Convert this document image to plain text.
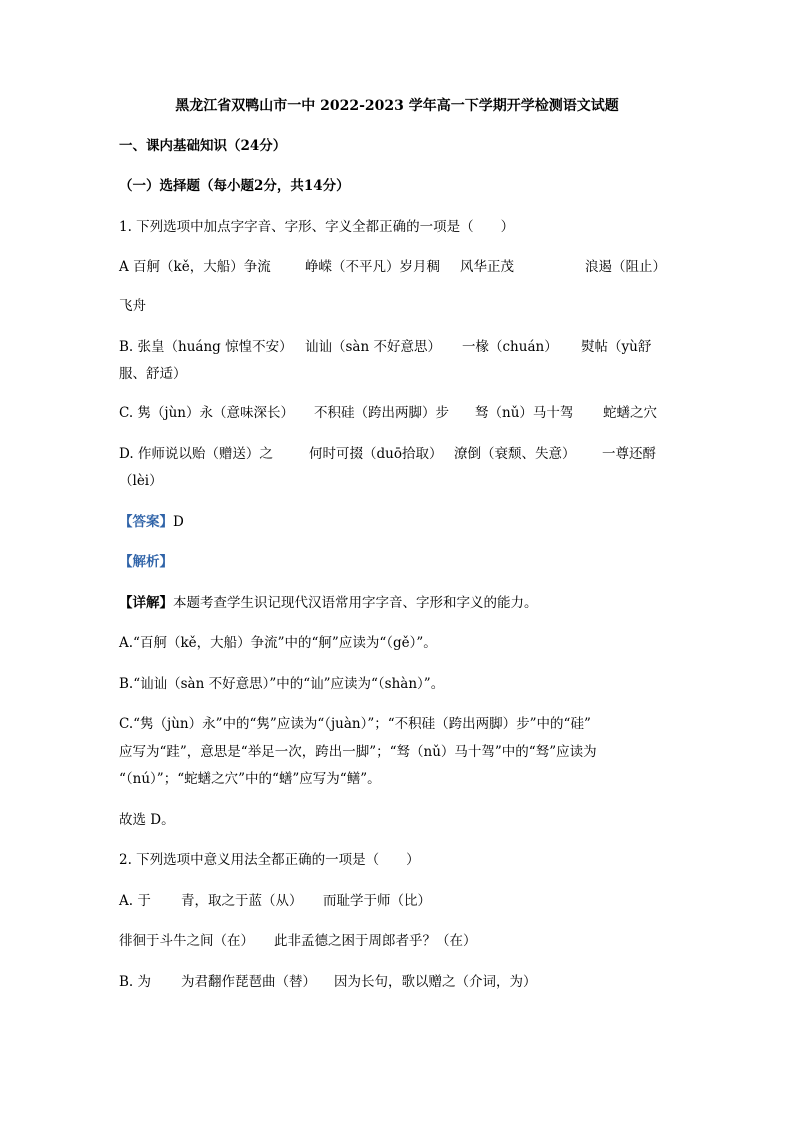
黑龙江省双鸭山市一中 2022-2023 学年高一下学期开学检测语文试题
一、课内基础知识（24分）
（一）选择题（每小题2分，共14分）
1. 下列选项中加点字字音、字形、字义全都正确的一项是（　　）
A 百舸（kě，大船）争流	峥嵘（不平凡）岁月稠 风华正茂	浪遏（阻止）
飞舟
B. 张皇（huáng 惊惶不安） 讪讪（sàn 不好意思） 一椽（chuán） 熨帖（yù舒
服、舒适）
C. 隽（jùn）永（意味深长） 不积硅（跨出两脚）步 驽（nǔ）马十驾 蛇蟮之穴
D. 作师说以贻（赠送）之	何时可掇（duō拾取） 潦倒（衰颓、失意） 一尊还酹
（lèi）
【答案】D
【解析】
【详解】本题考查学生识记现代汉语常用字字音、字形和字义的能力。
A.“百舸（kě，大船）争流”中的“舸”应读为“（gě）”。
B.“讪讪（sàn 不好意思）”中的“讪”应读为“（shàn）”。
C.“隽（jùn）永”中的“隽”应读为“（juàn）”；“不积硅（跨出两脚）步”中的“硅”
应写为“跬”，意思是“举足一次，跨出一脚”；“驽（nǔ）马十驾”中的“驽”应读为
“（nú）”；“蛇蟮之穴”中的“蟮”应写为“鳝”。
故选 D。
2. 下列选项中意义用法全都正确的一项是（　　）
A. 于 青，取之于蓝（从） 而耻学于师（比）
徘徊于斗牛之间（在） 此非孟德之困于周郎者乎？（在）
B. 为 为君翻作琵琶曲（替） 因为长句，歌以赠之（介词，为）
